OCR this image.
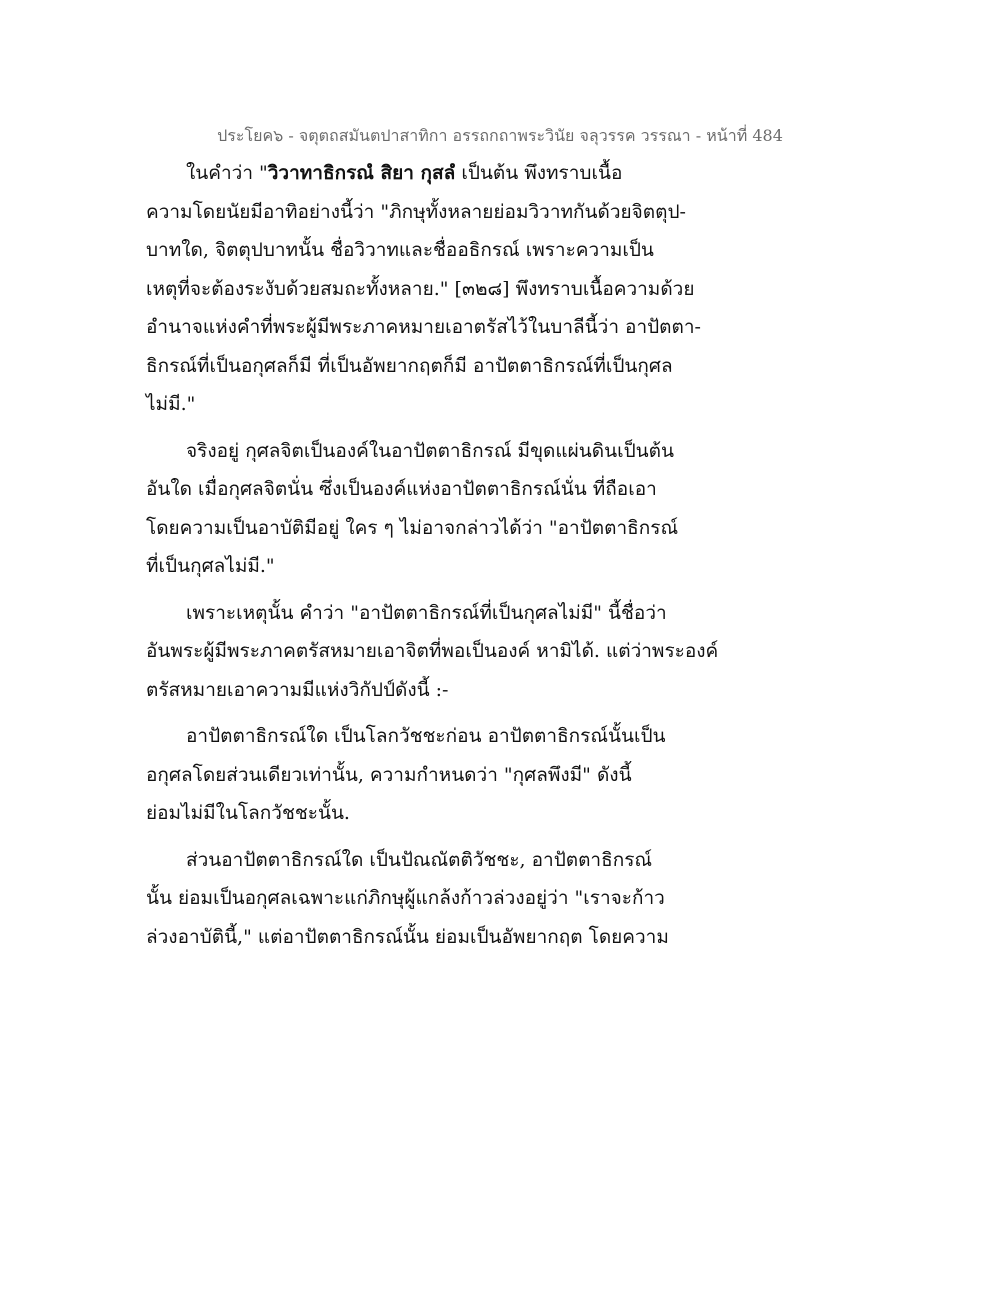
ประโยค๖ - จตุตถสมันตปาสาทิกา อรรถกถาพระวินัย จลุวรรค วรรณา - หน้าที่ 484
ในคำว่า "วิวาทาธิกรณํ สิยา กุสลํ เป็นต้น พึงทราบเนื้อ
ความโดยนัยมีอาทิอย่างนี้ว่า "ภิกษุทั้งหลายย่อมวิวาทกันด้วยจิตตุป-
บาทใด, จิตตุปบาทนั้น ชื่อวิวาทและชื่ออธิกรณ์ เพราะความเป็น
เหตุที่จะต้องระงับด้วยสมถะทั้งหลาย." [๓๒๘] พึงทราบเนื้อความด้วย
อำนาจแห่งคำที่พระผู้มีพระภาคหมายเอาตรัสไว้ในบาลีนี้ว่า อาปัตตา-
ธิกรณ์ที่เป็นอกุศลก็มี ที่เป็นอัพยากฤตก็มี อาปัตตาธิกรณ์ที่เป็นกุศล
ไม่มี."
จริงอยู่ กุศลจิตเป็นองค์ในอาปัตตาธิกรณ์ มีขุดแผ่นดินเป็นต้น
อันใด เมื่อกุศลจิตนั่น ซึ่งเป็นองค์แห่งอาปัตตาธิกรณ์นั่น ที่ถือเอา
โดยความเป็นอาบัติมีอยู่ ใคร ๆ ไม่อาจกล่าวได้ว่า "อาปัตตาธิกรณ์
ที่เป็นกุศลไม่มี."
เพราะเหตุนั้น คำว่า "อาปัตตาธิกรณ์ที่เป็นกุศลไม่มี" นี้ชื่อว่า
อันพระผู้มีพระภาคตรัสหมายเอาจิตที่พอเป็นองค์ หามิได้. แต่ว่าพระองค์
ตรัสหมายเอาความมีแห่งวิกัปป์ดังนี้ :-
อาปัตตาธิกรณ์ใด เป็นโลกวัชชะก่อน อาปัตตาธิกรณ์นั้นเป็น
อกุศลโดยส่วนเดียวเท่านั้น, ความกำหนดว่า "กุศลพึงมี" ดังนี้
ย่อมไม่มีในโลกวัชชะนั้น.
ส่วนอาปัตตาธิกรณ์ใด เป็นปัณณัตติวัชชะ, อาปัตตาธิกรณ์
นั้น ย่อมเป็นอกุศลเฉพาะแก่ภิกษุผู้แกล้งก้าวล่วงอยู่ว่า "เราจะก้าว
ล่วงอาบัตินี้," แต่อาปัตตาธิกรณ์นั้น ย่อมเป็นอัพยากฤต โดยความ
